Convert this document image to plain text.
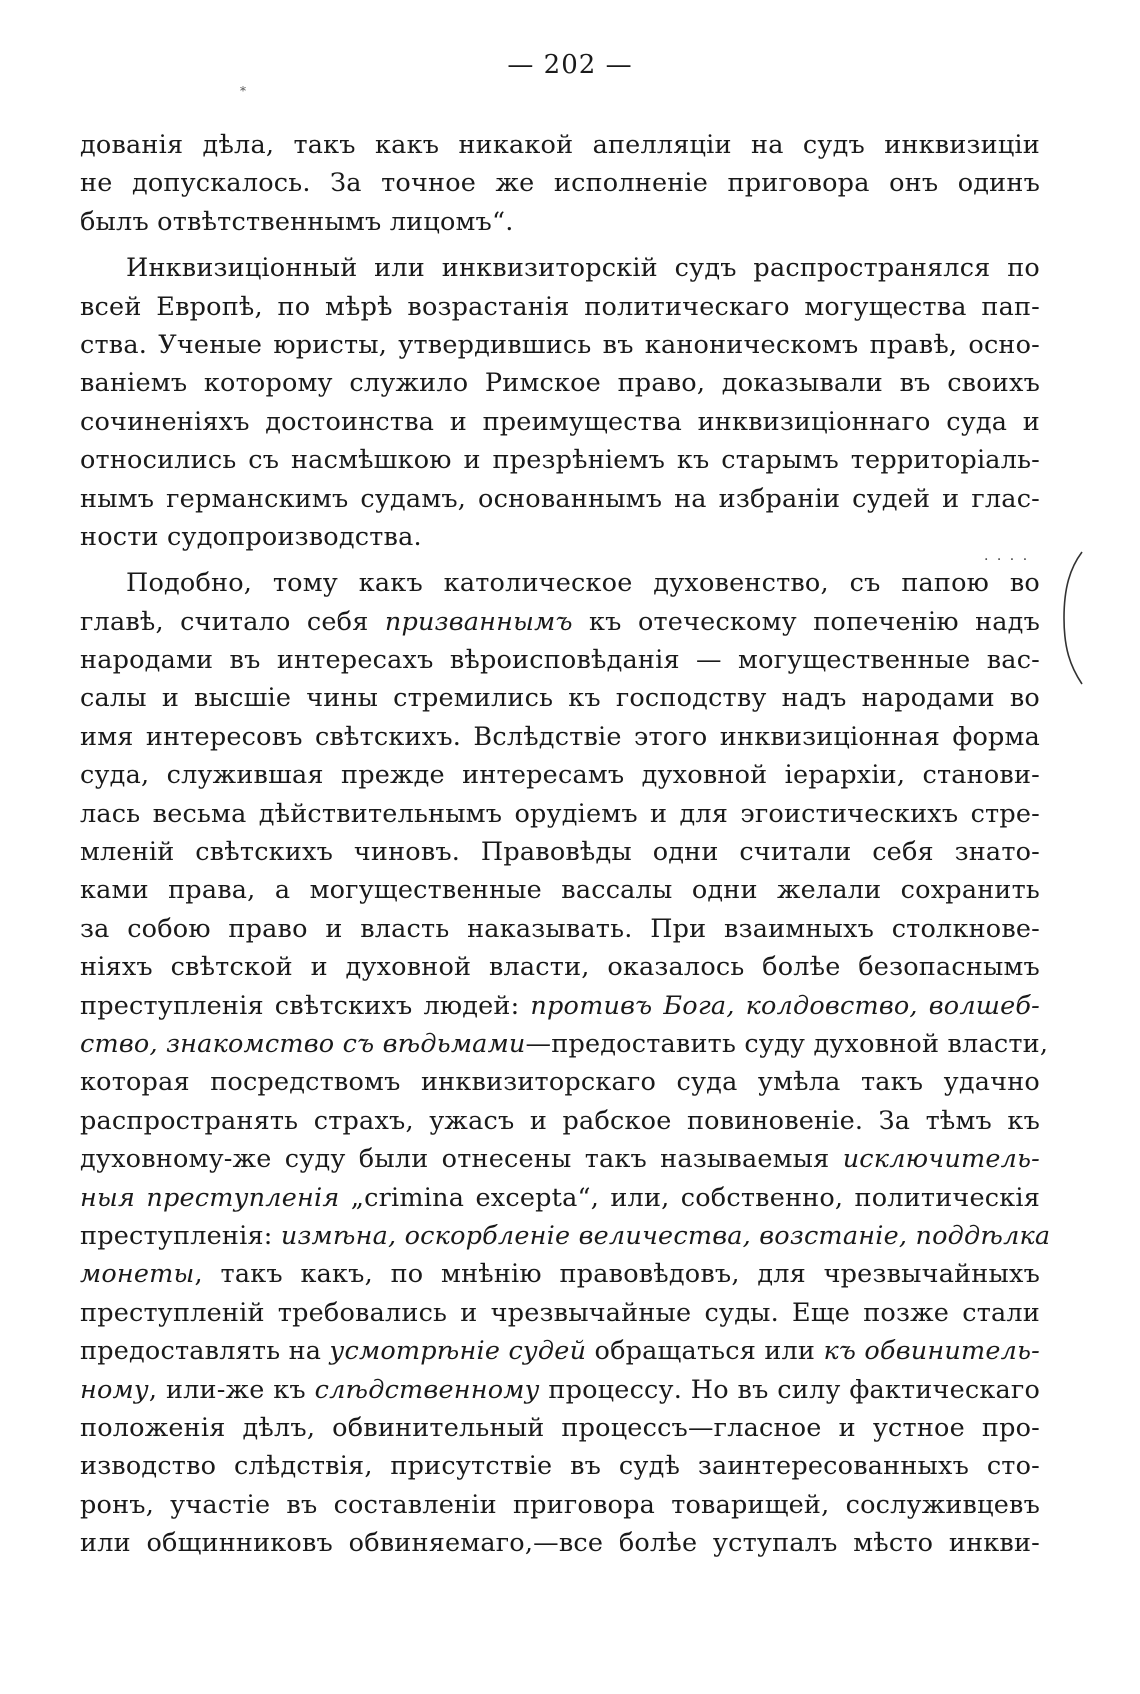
— 202 —
*
дованія дѣла, такъ какъ никакой апелляціи на судъ инквизиціи
не допускалось. За точное же исполненіе приговора онъ одинъ
былъ отвѣтственнымъ лицомъ“.
Инквизиціонный или инквизиторскій судъ распространялся по
всей Европѣ, по мѣрѣ возрастанія политическаго могущества пап-
ства. Ученые юристы, утвердившись въ каноническомъ правѣ, осно-
ваніемъ которому служило Римское право, доказывали въ своихъ
сочиненіяхъ достоинства и преимущества инквизиціоннаго суда и
относились съ насмѣшкою и презрѣніемъ къ старымъ территоріаль-
нымъ германскимъ судамъ, основаннымъ на избраніи судей и глас-
ности судопроизводства.
Подобно, тому какъ католическое духовенство, съ папою во
главѣ, считало себя призваннымъ къ отеческому попеченію надъ
народами въ интересахъ вѣроисповѣданія — могущественные вас-
салы и высшіе чины стремились къ господству надъ народами во
имя интересовъ свѣтскихъ. Вслѣдствіе этого инквизиціонная форма
суда, служившая прежде интересамъ духовной іерархіи, станови-
лась весьма дѣйствительнымъ орудіемъ и для эгоистическихъ стре-
мленій свѣтскихъ чиновъ. Правовѣды одни считали себя знато-
ками права, а могущественные вассалы одни желали сохранить
за собою право и власть наказывать. При взаимныхъ столкнове-
ніяхъ свѣтской и духовной власти, оказалось болѣе безопаснымъ
преступленія свѣтскихъ людей: противъ Бога, колдовство, волшеб-
ство, знакомство съ вѣдьмами—предоставить суду духовной власти,
которая посредствомъ инквизиторскаго суда умѣла такъ удачно
распространять страхъ, ужасъ и рабское повиновеніе. За тѣмъ къ
духовному-же суду были отнесены такъ называемыя исключитель-
ныя преступленія „crimina excepta“, или, собственно, политическія
преступленія: измѣна, оскорбленіе величества, возстаніе, поддѣлка
монеты, такъ какъ, по мнѣнію правовѣдовъ, для чрезвычайныхъ
преступленій требовались и чрезвычайные суды. Еще позже стали
предоставлять на усмотрѣніе судей обращаться или къ обвинитель-
ному, или-же къ слѣдственному процессу. Но въ силу фактическаго
положенія дѣлъ, обвинительный процессъ—гласное и устное про-
изводство слѣдствія, присутствіе въ судѣ заинтересованныхъ сто-
ронъ, участіе въ составленіи приговора товарищей, сослуживцевъ
или общинниковъ обвиняемаго,—все болѣе уступалъ мѣсто инкви-
· · · ·
